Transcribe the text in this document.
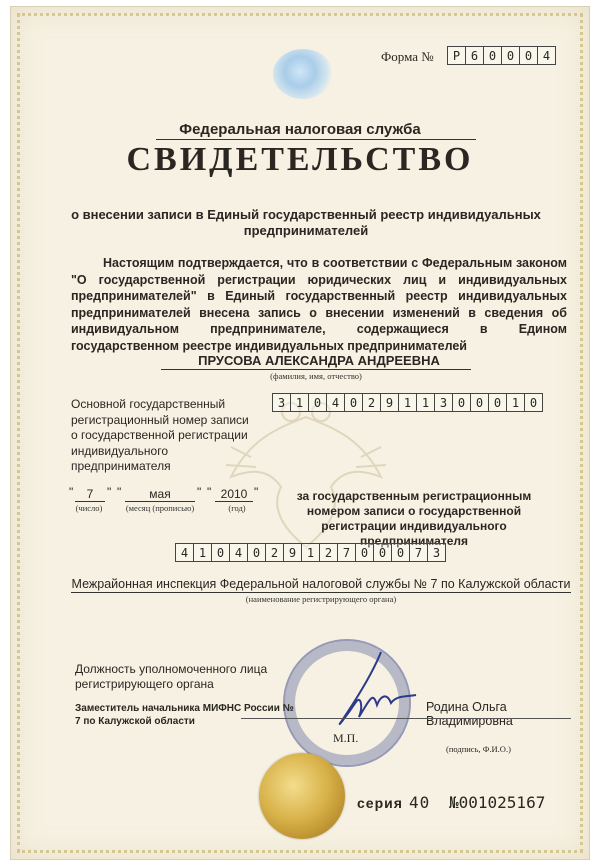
Форма №	Р 6 0 0 0 4
Федеральная налоговая служба
СВИДЕТЕЛЬСТВО
о внесении записи в Единый государственный реестр индивидуальных предпринимателей
Настоящим подтверждается, что в соответствии с Федеральным законом "О государственной регистрации юридических лиц и индивидуальных предпринимателей" в Единый государственный реестр индивидуальных предпринимателей внесена запись о внесении изменений в сведения об индивидуальном предпринимателе, содержащиеся в Едином государственном реестре индивидуальных предпринимателей
ПРУСОВА АЛЕКСАНДРА АНДРЕЕВНА
(фамилия, имя, отчество)
Основной государственный регистрационный номер записи о государственной регистрации индивидуального предпринимателя
3 1 0 4 0 2 9 1 1 3 0 0 0 1 0
"	7	" "	мая	" " 2010 "
(число)	(месяц (прописью)	(год)
за государственным регистрационным номером записи о государственной регистрации индивидуального предпринимателя
4 1 0 4 0 2 9 1 2 7 0 0 0 7 3
Межрайонная инспекция Федеральной налоговой службы № 7 по Калужской области
(наименование регистрирующего органа)
Должность уполномоченного лица регистрирующего органа
Заместитель начальника МИФНС России № 7 по Калужской области
Родина Ольга Владимировна
М.П.
(подпись, Ф.И.О.)
серия 40 №001025167
